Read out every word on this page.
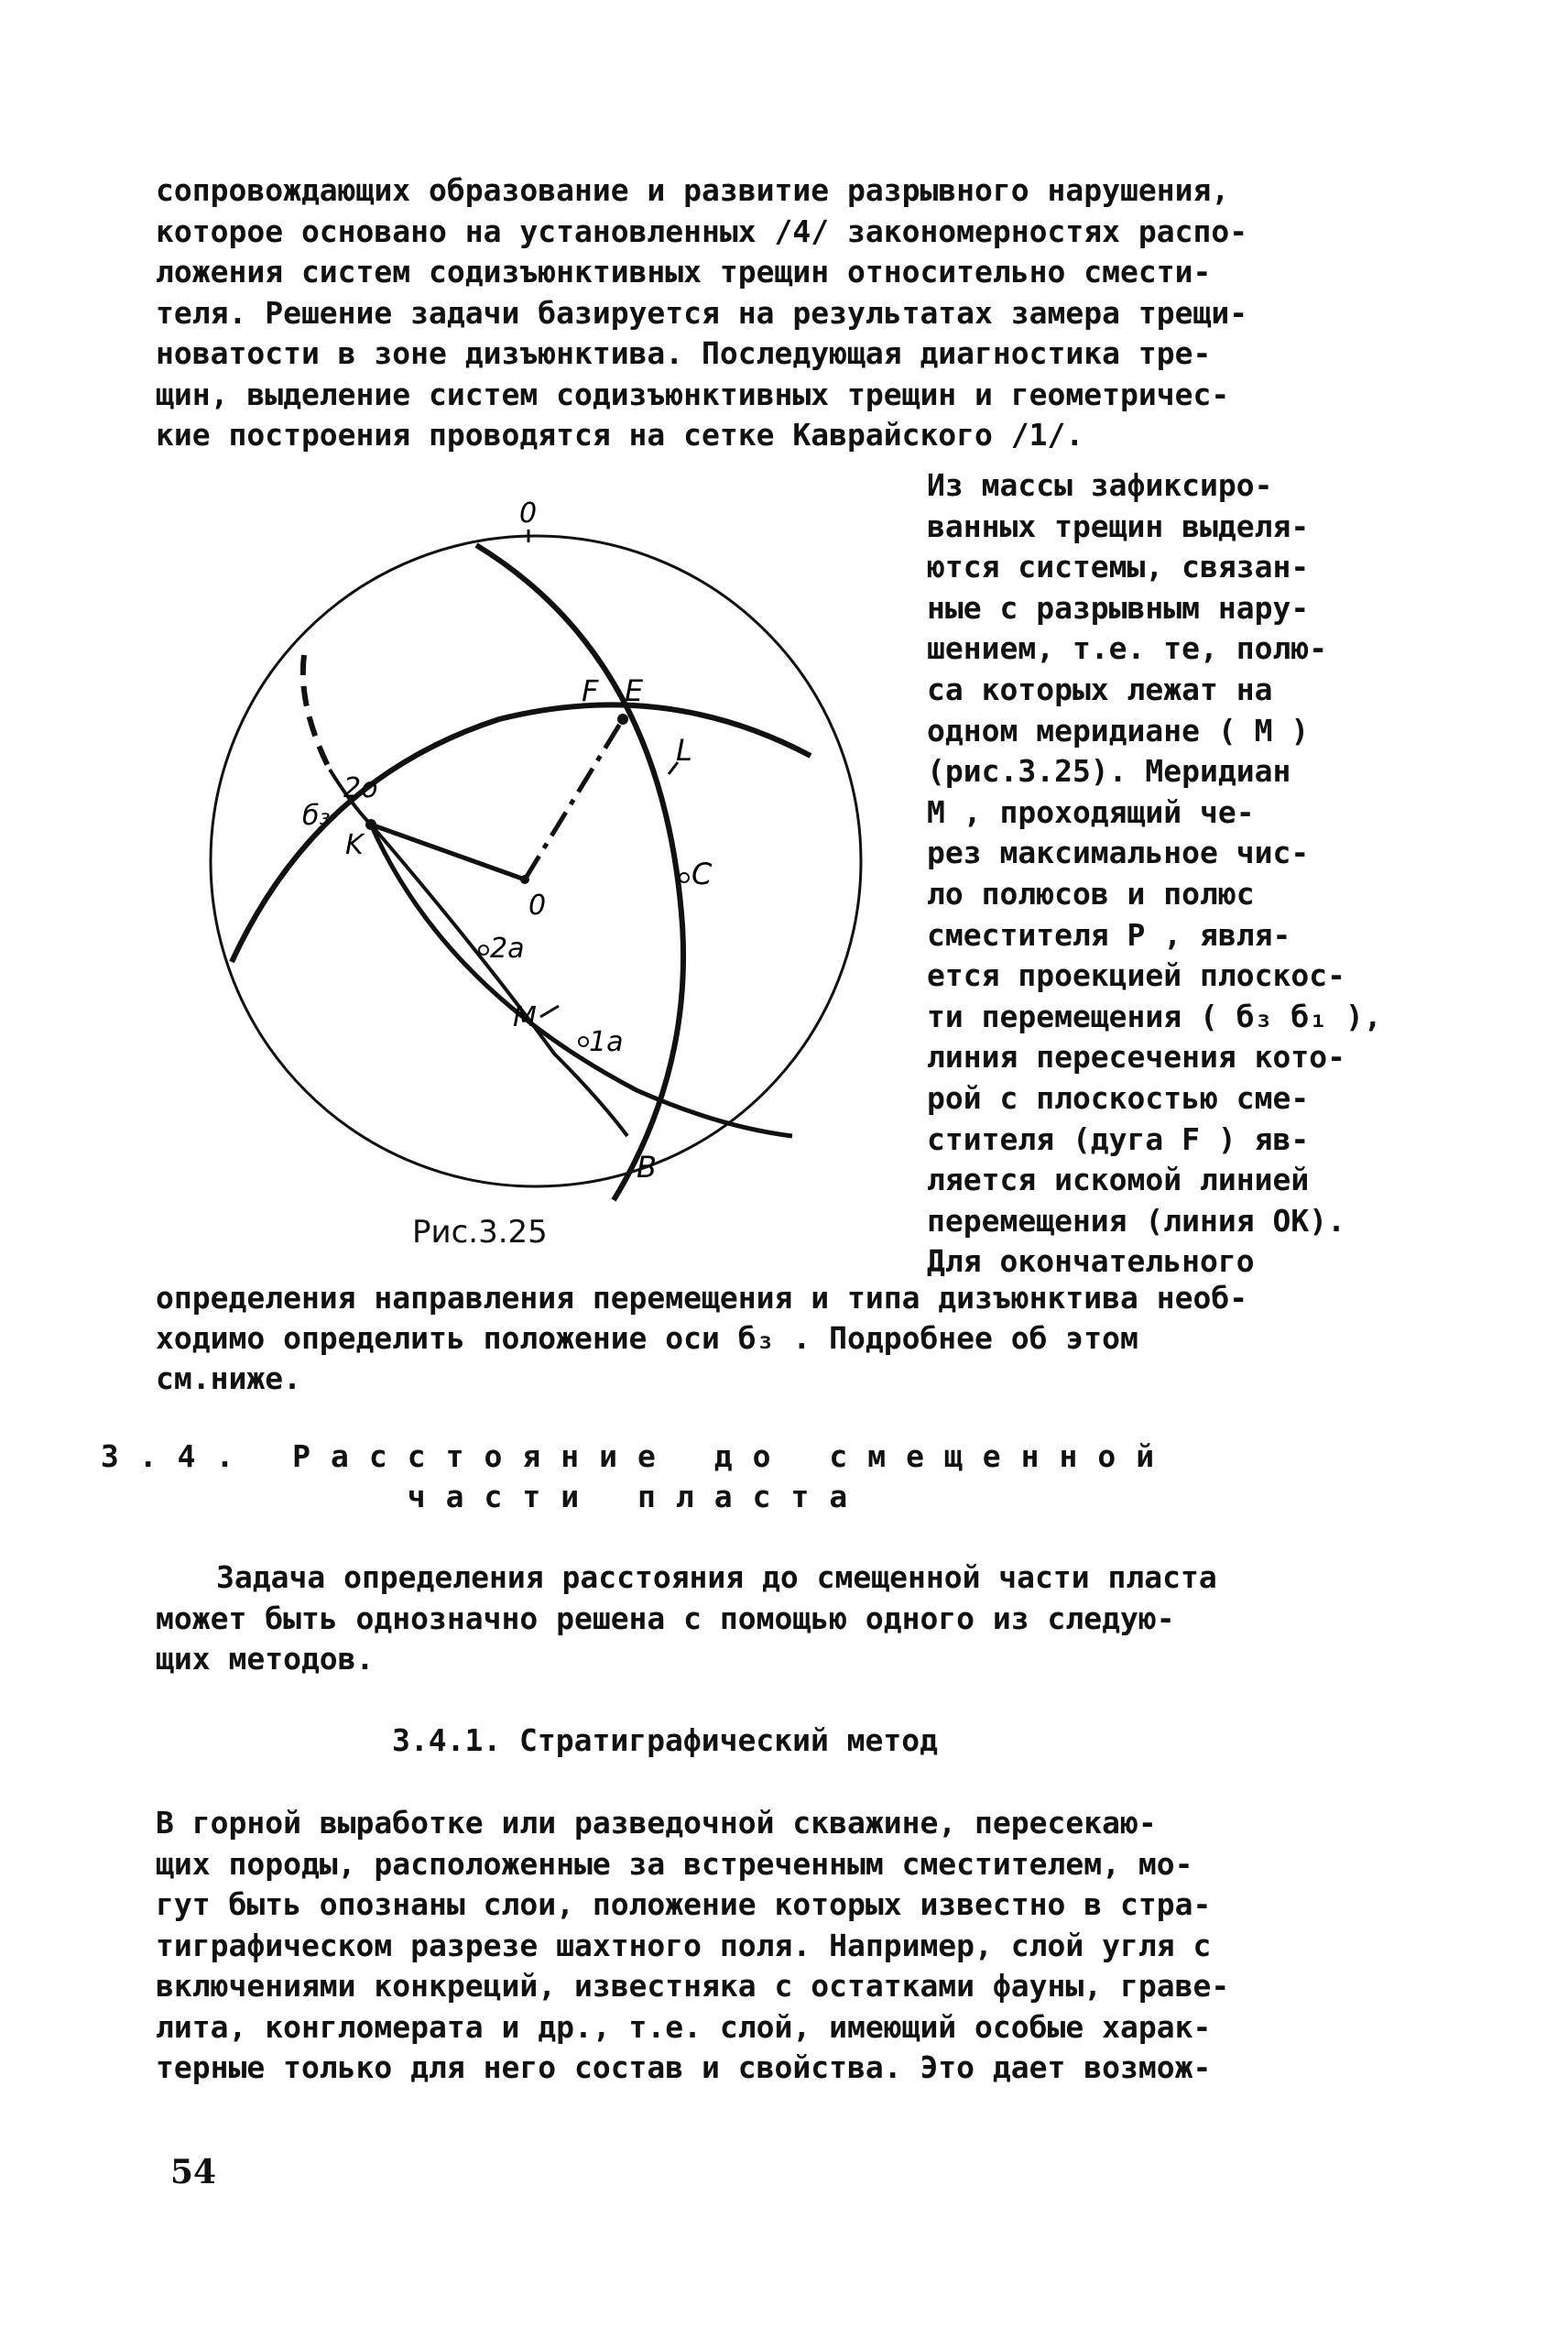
сопровождающих образование и развитие разрывного нарушения,
которое основано на установленных /4/ закономерностях распо-
ложения систем содизъюнктивных трещин относительно смести-
теля. Решение задачи базируется на результатах замера трещи-
новатости в зоне дизъюнктива. Последующая диагностика тре-
щин, выделение систем содизъюнктивных трещин и геометричес-
кие построения проводятся на сетке Каврайского /1/.
0
F E
L
C
2о
б₃
K
0
2а
M
1а
B
Рис.3.25
Из массы зафиксиро-
ванных трещин выделя-
ются системы, связан-
ные с разрывным нару-
шением, т.е. те, полю-
са которых лежат на
одном меридиане ( М )
(рис.3.25). Меридиан
М , проходящий че-
рез максимальное чис-
ло полюсов и полюс
сместителя Р , явля-
ется проекцией плоскос-
ти перемещения ( б₃ б₁ ),
линия пересечения кото-
рой с плоскостью сме-
стителя (дуга F ) яв-
ляется искомой линией
перемещения (линия ОК).
Для окончательного
определения направления перемещения и типа дизъюнктива необ-
ходимо определить положение оси б₃ . Подробнее об этом
см.ниже.
3.4. Расстояние до смещенной
части пласта
Задача определения расстояния до смещенной части пласта
может быть однозначно решена с помощью одного из следую-
щих методов.
3.4.1. Стратиграфический метод
В горной выработке или разведочной скважине, пересекаю-
щих породы, расположенные за встреченным сместителем, мо-
гут быть опознаны слои, положение которых известно в стра-
тиграфическом разрезе шахтного поля. Например, слой угля с
включениями конкреций, известняка с остатками фауны, граве-
лита, конгломерата и др., т.е. слой, имеющий особые харак-
терные только для него состав и свойства. Это дает возмож-
54
